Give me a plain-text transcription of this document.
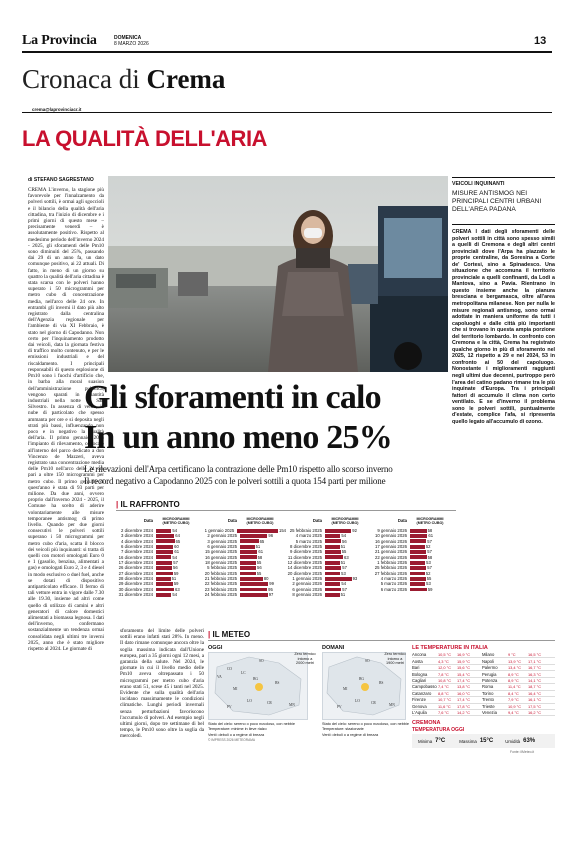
La Provincia	DOMENICA
8 MARZO 2026	13
Cronaca di Crema
crema@laprovinciacr.it
LA QUALITÀ DELL'ARIA
di STEFANO SAGRESTANO

CREMA L'inverno, la stagione più favorevole per l'innalzamento da polveri sottili, è ormai agli sgoccioli e il bilancio della qualità dell'aria cittadina, tra l'inizio di dicembre e i primi giorni di questo mese – precisamente venerdì – è assolutamente positivo. Rispetto al medesimo periodo dell'inverno 2024 - 2025, gli sforamenti delle Pm10 sono diminuiti del 25%, passando dai 29 di un anno fa, un dato comunque positivo, ai 22 attuali. Di fatto, in meno di un giorno su quattro la qualità dell'aria cittadina è stata scarsa con le polveri hanno superato i 50 microgrammi per metro cubo di concentrazione media, nell'arco delle 24 ore. In entrambi gli inverni il dato più alto registrato dalla centralina dell'Agenzia regionale per l'ambiente di via XI Febbraio, è stato nel giorno di Capodanno. Non certo per l'inquinamento prodotto dai veicoli, data la giornata festiva di traffico molto contenuto, e per le emissioni industriali e del riscaldamento. I principali responsabili di questo esplosione di Pm10 sono i fuochi d'artificio che, in barba alla moral suasion dell'amministrazione pubblica, vengono sparati in quantità industriali nella notte di San Silvestro. In assenza di vento, la nube di particolato che spesso ammanta per ore e si deposita negli strati più bassi, influenzando non poco e in negativo la qualità dell'aria. Il primo gennaio 2025 l'impianto di rilevamento, collocato all'interno del parco dedicato a don Vincenzo de Mazzeri, aveva registrato una concentrazione media delle Pm10 nell'arco delle 24 ore pari a oltre 150 microgrammi per metro cubo. Il primo gennaio di quest'anno è stata di 93 parti per milione. Da due anni, ovvero proprio dall'inverno 2024 - 2025, il Comune ha scelto di aderire volontariamente alle misure temporanee antismog di primo livello. Quando per due giorni consecutivi le polveri sottili superano i 50 microgrammi per metro cubo d'aria, scatta il blocco dei veicoli più inquinanti: si tratta di quelli con motori omologati Euro 0 e 1 (gasolio, benzina, alimentati a gas) e omologati Euro 2, 3 e 4 diesel in modo esclusivo o duel fuel, anche se dotati di dispositivo antiparticolato efficace. Il fermo di tali vetture entra in vigore dalle 7.30 alle 19.30, insieme ad altri come quello di utilizzo di camini e altri generatori di calore domestici alimentati a biomassa legnosa. I dati dell'inverno, confermano sostanzialmente un tendenza ormai consolidata negli ultimi tre inverni 2025, anno che è stato migliore rispetto al 2024. Le giornate di

VEICOLI INQUINANTI
MISURE ANTISMOG NEI PRINCIPALI CENTRI URBANI DELL'AREA PADANA

CREMA I dati degli sforamenti delle polveri sottili in città sono spesso simili a quelli di Cremona e degli altri centri provinciali dove l'Arpa ha piazzato le proprie centraline, da Soresina a Corte de' Cortesi, sino a Spinadesco. Una situazione che accomuna il territorio provinciale a quelli confinanti, da Lodi a Mantova, sino a Pavia. Rientrano in questo insieme anche la pianura bresciana e bergamasca, oltre all'area metropolitana milanese. Non per nulla le misure regionali antismog, sono ormai adottate in maniera uniforme da tutti i capoluoghi e dalle città più importanti che si trovano in questa ampia porzione del territorio lombardo. In confronto con Cremona e la città, Crema ha registrato qualche giorno in più di sforamento nel 2025, 12 rispetto a 29 e nel 2024, 53 in confronto ai 50 del capoluogo. Nonostante i miglioramenti raggiunti negli ultimi due decenni, purtroppo però l'area del catino padano rimane tra le più inquinate d'Europa. Tra i principali fattori di accumulo il clima non certo ventilato. E se d'inverno il problema sono le polveri sottili, puntualmente d'estate, complice l'afa, si ripresenta quello legato all'accumulo di ozono.

Gli sforamenti in calo
In un anno meno 25%
Le rilevazioni dell'Arpa certificano la contrazione delle Pm10 rispetto allo scorso inverno
Il record negativo a Capodanno 2025 con le polveri sottili a quota 154 parti per milione
| IL RAFFRONTO
Data	MICROGRAMMI (METRO CUBO)
2 dicembre 2024	54
3 dicembre 2024	64
4 dicembre 2024	65
6 dicembre 2024	60
7 dicembre 2024	61
16 dicembre 2024	54
17 dicembre 2024	57
26 dicembre 2024	56
27 dicembre 2024	59
28 dicembre 2024	51
29 dicembre 2024	59
30 dicembre 2024	63
31 dicembre 2024	54
Data	MICROGRAMMI (METRO CUBO)
1 gennaio 2025	154
2 gennaio 2025	96
3 gennaio 2025	65
6 gennaio 2025	51
15 gennaio 2025	61
16 gennaio 2025	58
18 gennaio 2025	55
5 febbraio 2025	56
20 febbraio 2025	55
21 febbraio 2025	80
22 febbraio 2025	99
23 febbraio 2025	95
24 febbraio 2025	97
Data	MICROGRAMMI (METRO CUBO)
25 febbraio 2025	92
4 marzo 2025	54
5 marzo 2025	56
8 dicembre 2025	51
9 dicembre 2025	55
11 dicembre 2025	63
12 dicembre 2025	51
14 dicembre 2025	57
20 dicembre 2025	53
1 gennaio 2026	93
2 gennaio 2026	54
6 gennaio 2026	57
8 gennaio 2026	51
Data	MICROGRAMMI (METRO CUBO)
9 gennaio 2026	58
10 gennaio 2026	61
16 gennaio 2026	57
17 gennaio 2026	52
21 gennaio 2026	57
22 gennaio 2026	58
1 febbraio 2026	53
25 febbraio 2026	57
27 febbraio 2026	52
4 marzo 2026	55
5 marzo 2026	53
6 marzo 2026	59

sforamento del limite delle polveri sottili erano infatti stati 28%. In meno. Il dato rimane comunque ancora oltre la soglia massima indicata dall'Unione europea, pari a 35 giorni ogni 12 mesi, a garanzia della salute. Nel 2024, le giornate in cui il livello medio delle Pm10 aveva oltrepassato i 50 microgrammi per metro cubo d'aria erano stati 51, scese 45 i tanti nel 2025. Evidente che sulla qualità dell'aria incidano massimamente le condizioni climatiche. Lunghi periodi invernali senza perturbazioni favoriscono l'accumulo di polveri. Ad esempio negli ultimi giorni, dopo tre settimane di bel tempo, le Pm10 sono oltre la soglia da mercoledì.

| IL METEO
OGGI
SO
BG
BS
MI
CR
LO
MN
PV
VA
CO
LC
Zero termico intorno a 2000 metri
Stato del cielo: sereno o poco nuvoloso, con nebbie
Temperature: minime in lieve rialzo
Venti: deboli o a regime di brezza
© IMPRESS 2026 METEORAMA
DOMANI
SO
BG
BS
MI
CR
LO
MN
PV
Zero termico intorno a 1900 metri
Stato del cielo: sereno o poco nuvoloso, con nebbie
Temperature: stazionarie
Venti: deboli o a regime di brezza
LE TEMPERATURE IN ITALIA
Ancona	10,5 °C	16,9 °C	Milano	9 °C	16,5 °C
Aosta	4,3 °C	15,9 °C	Napoli	13,9 °C	17,1 °C
Bari	12,0 °C	15,6 °C	Palermo	13,4 °C	16,7 °C
Bologna	7,8 °C	15,4 °C	Perugia	8,9 °C	16,3 °C
Cagliari	10,8 °C	17,4 °C	Potenza	8,9 °C	14,1 °C
Campobasso 7,4 °C	13,8 °C	Roma	11,4 °C	18,7 °C
Catanzaro	8,8 °C	16,0 °C	Torino	8,4 °C	16,4 °C
Firenze	10,7 °C	17,4 °C	Trento	7,9 °C	16,1 °C
Genova	11,6 °C	17,8 °C	Trieste	10,9 °C	17,5 °C
L'Aquila	7,6 °C	14,2 °C	Venezia	9,4 °C	16,2 °C
CREMONA
TEMPERATURA OGGI
Minima 7°C	Massima 15°C	Umidità 63%
Fonte: ilMeteo.it
